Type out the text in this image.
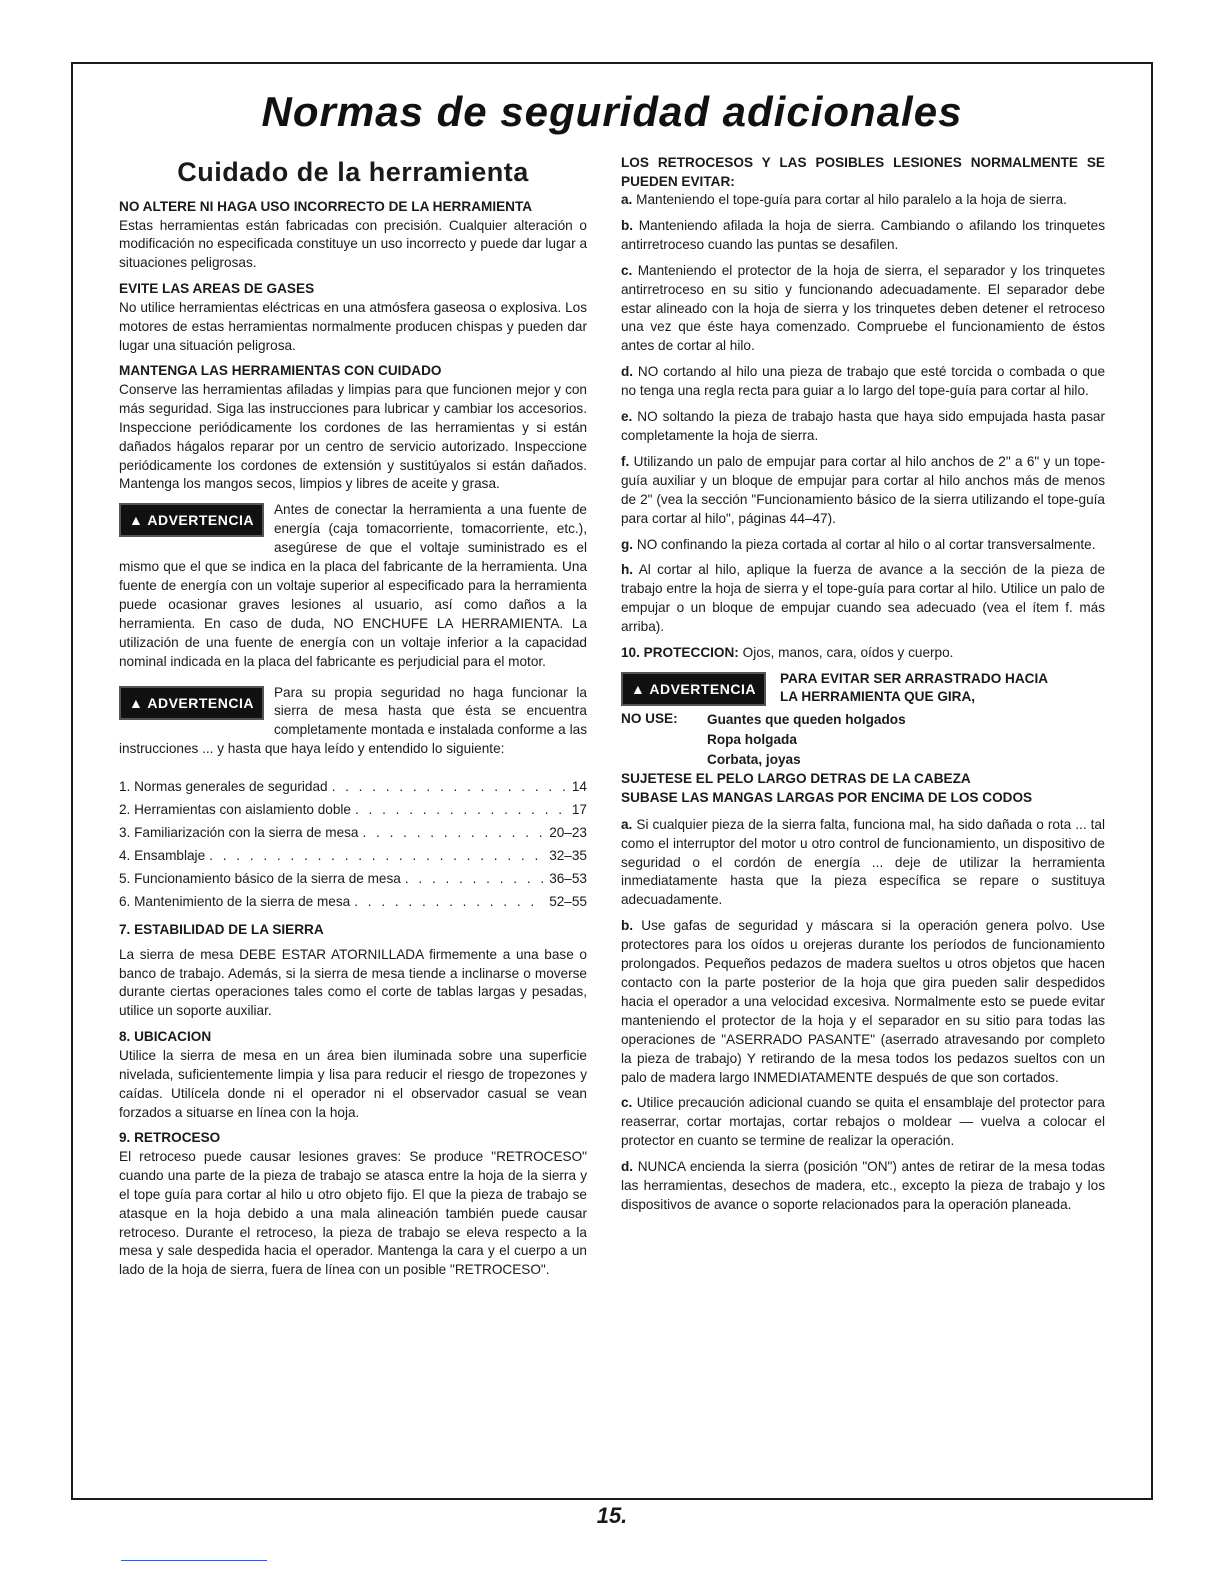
Normas de seguridad adicionales
Cuidado de la herramienta
NO ALTERE NI HAGA USO INCORRECTO DE LA HERRAMIENTA

Estas herramientas están fabricadas con precisión. Cualquier alteración o modificación no especificada constituye un uso incorrecto y puede dar lugar a situaciones peligrosas.

EVITE LAS AREAS DE GASES

No utilice herramientas eléctricas en una atmósfera gaseosa o explosiva. Los motores de estas herramientas normalmente producen chispas y pueden dar lugar una situación peligrosa.

MANTENGA LAS HERRAMIENTAS CON CUIDADO

Conserve las herramientas afiladas y limpias para que funcionen mejor y con más seguridad. Siga las instrucciones para lubricar y cambiar los accesorios. Inspeccione periódicamente los cordones de las herramientas y si están dañados hágalos reparar por un centro de servicio autorizado. Inspeccione periódicamente los cordones de extensión y sustitúyalos si están dañados. Mantenga los mangos secos, limpios y libres de aceite y grasa.

▲ ADVERTENCIA
Antes de conectar la herramienta a una fuente de energía (caja tomacorriente, tomacorriente, etc.), asegúrese de que el voltaje suministrado es el mismo que el que se indica en la placa del fabricante de la herramienta. Una fuente de energía con un voltaje superior al especificado para la herramienta puede ocasionar graves lesiones al usuario, así como daños a la herramienta. En caso de duda, NO ENCHUFE LA HERRAMIENTA. La utilización de una fuente de energía con un voltaje inferior a la capacidad nominal indicada en la placa del fabricante es perjudicial para el motor.
▲ ADVERTENCIA
Para su propia seguridad no haga funcionar la sierra de mesa hasta que ésta se encuentra completamente montada e instalada conforme a las instrucciones ... y hasta que haya leído y entendido lo siguiente:
1. Normas generales de seguridad . . .	14
2. Herramientas con aislamiento doble . . .	17
3. Familiarización con la sierra de mesa . . .	20–23
4. Ensamblaje . . .	32–35
5. Funcionamiento básico de la sierra de mesa . . .	36–53
6. Mantenimiento de la sierra de mesa . . .	52–55
7. ESTABILIDAD DE LA SIERRA

La sierra de mesa DEBE ESTAR ATORNILLADA firmemente a una base o banco de trabajo. Además, si la sierra de mesa tiende a inclinarse o moverse durante ciertas operaciones tales como el corte de tablas largas y pesadas, utilice un soporte auxiliar.

8. UBICACION

Utilice la sierra de mesa en un área bien iluminada sobre una superficie nivelada, suficientemente limpia y lisa para reducir el riesgo de tropezones y caídas. Utilícela donde ni el operador ni el observador casual se vean forzados a situarse en línea con la hoja.

9. RETROCESO

El retroceso puede causar lesiones graves: Se produce "RETROCESO" cuando una parte de la pieza de trabajo se atasca entre la hoja de la sierra y el tope guía para cortar al hilo u otro objeto fijo. El que la pieza de trabajo se atasque en la hoja debido a una mala alineación también puede causar retroceso. Durante el retroceso, la pieza de trabajo se eleva respecto a la mesa y sale despedida hacia el operador. Mantenga la cara y el cuerpo a un lado de la hoja de sierra, fuera de línea con un posible "RETROCESO".

LOS RETROCESOS Y LAS POSIBLES LESIONES NORMALMENTE SE PUEDEN EVITAR:

a. Manteniendo el tope-guía para cortar al hilo paralelo a la hoja de sierra.

b. Manteniendo afilada la hoja de sierra. Cambiando o afilando los trinquetes antirretroceso cuando las puntas se desafilen.

c. Manteniendo el protector de la hoja de sierra, el separador y los trinquetes antirretroceso en su sitio y funcionando adecuadamente. El separador debe estar alineado con la hoja de sierra y los trinquetes deben detener el retroceso una vez que éste haya comenzado. Compruebe el funcionamiento de éstos antes de cortar al hilo.

d. NO cortando al hilo una pieza de trabajo que esté torcida o combada o que no tenga una regla recta para guiar a lo largo del tope-guía para cortar al hilo.

e. NO soltando la pieza de trabajo hasta que haya sido empujada hasta pasar completamente la hoja de sierra.

f. Utilizando un palo de empujar para cortar al hilo anchos de 2" a 6" y un tope-guía auxiliar y un bloque de empujar para cortar al hilo anchos más de menos de 2" (vea la sección "Funcionamiento básico de la sierra utilizando el tope-guía para cortar al hilo", páginas 44–47).

g. NO confinando la pieza cortada al cortar al hilo o al cortar transversalmente.

h. Al cortar al hilo, aplique la fuerza de avance a la sección de la pieza de trabajo entre la hoja de sierra y el tope-guía para cortar al hilo. Utilice un palo de empujar o un bloque de empujar cuando sea adecuado (vea el ítem f. más arriba).

10. PROTECCION: Ojos, manos, cara, oídos y cuerpo.

▲ ADVERTENCIA
PARA EVITAR SER ARRASTRADO HACIA
LA HERRAMIENTA QUE GIRA,
NO USE:	Guantes que queden holgados
Ropa holgada
Corbata, joyas

SUJETESE EL PELO LARGO DETRAS DE LA CABEZA

SUBASE LAS MANGAS LARGAS POR ENCIMA DE LOS CODOS

a. Si cualquier pieza de la sierra falta, funciona mal, ha sido dañada o rota ... tal como el interruptor del motor u otro control de funcionamiento, un dispositivo de seguridad o el cordón de energía ... deje de utilizar la herramienta inmediatamente hasta que la pieza específica se repare o sustituya adecuadamente.

b. Use gafas de seguridad y máscara si la operación genera polvo. Use protectores para los oídos u orejeras durante los períodos de funcionamiento prolongados. Pequeños pedazos de madera sueltos u otros objetos que hacen contacto con la parte posterior de la hoja que gira pueden salir despedidos hacia el operador a una velocidad excesiva. Normalmente esto se puede evitar manteniendo el protector de la hoja y el separador en su sitio para todas las operaciones de "ASERRADO PASANTE" (aserrado atravesando por completo la pieza de trabajo) Y retirando de la mesa todos los pedazos sueltos con un palo de madera largo INMEDIATAMENTE después de que son cortados.

c. Utilice precaución adicional cuando se quita el ensamblaje del protector para reaserrar, cortar mortajas, cortar rebajos o moldear — vuelva a colocar el protector en cuanto se termine de realizar la operación.

d. NUNCA encienda la sierra (posición "ON") antes de retirar de la mesa todas las herramientas, desechos de madera, etc., excepto la pieza de trabajo y los dispositivos de avance o soporte relacionados para la operación planeada.

15.
